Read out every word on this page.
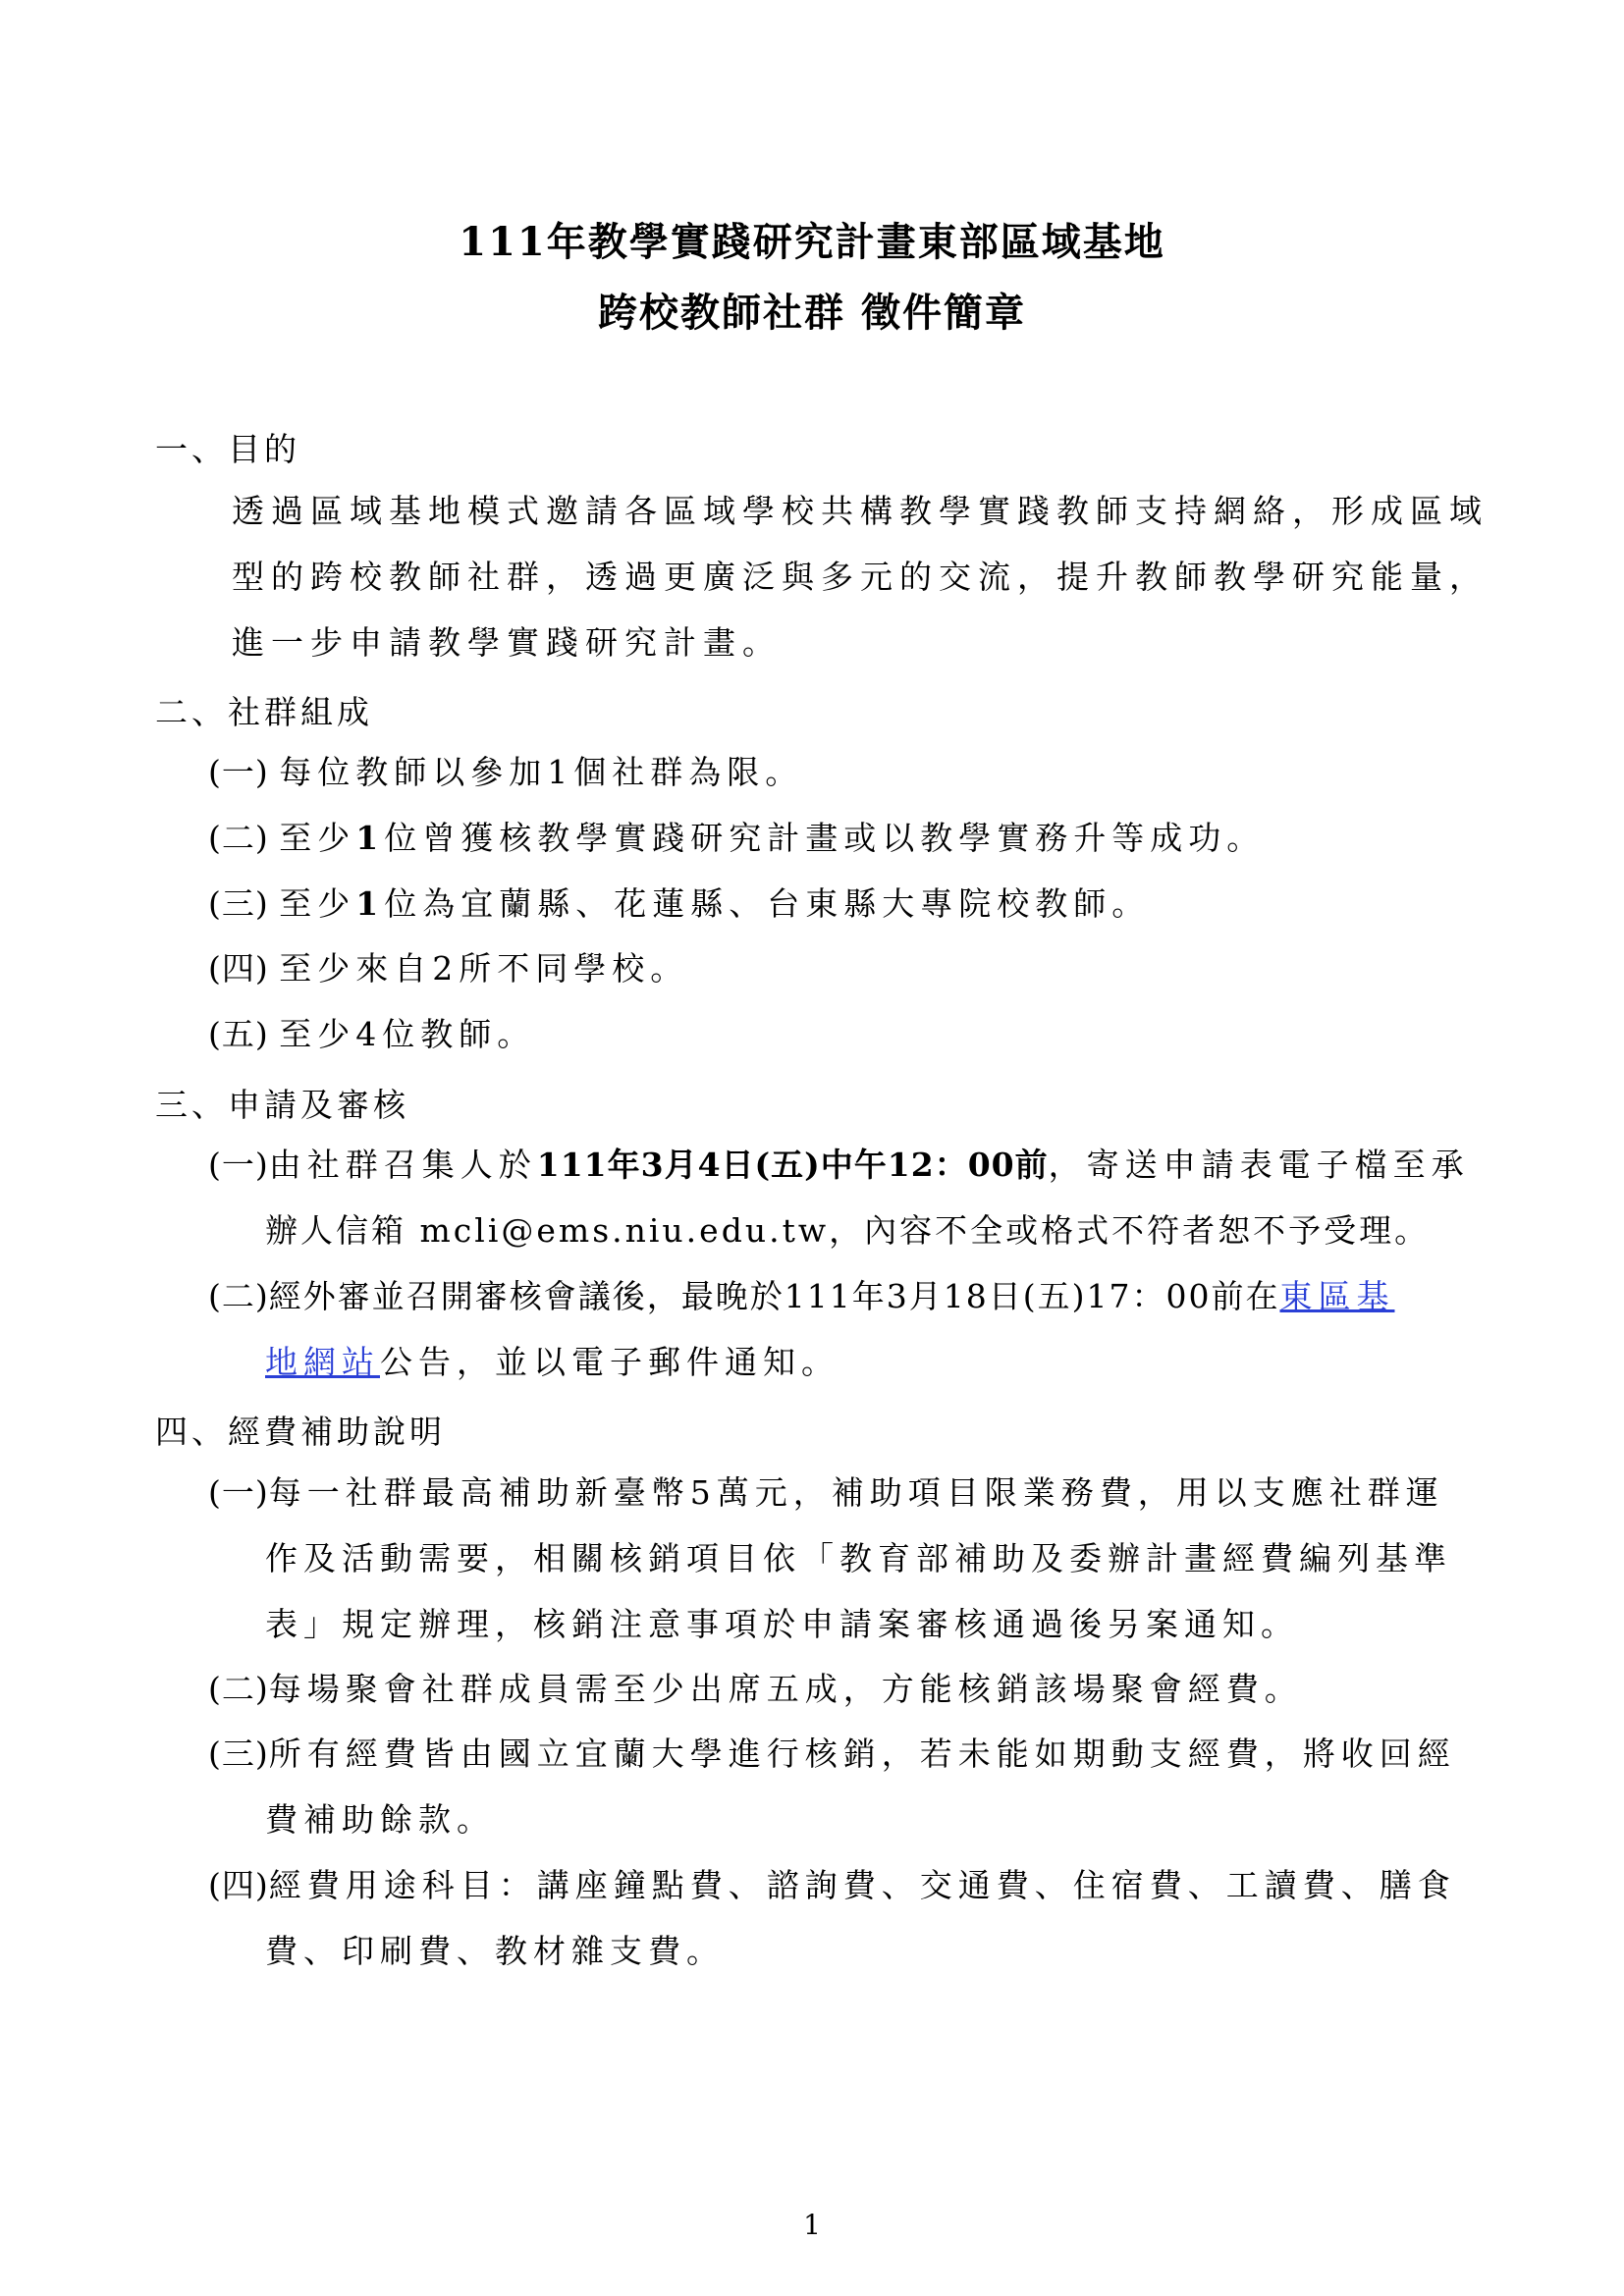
111年教學實踐研究計畫東部區域基地
跨校教師社群 徵件簡章
一、目的
透過區域基地模式邀請各區域學校共構教學實踐教師支持網絡，形成區域
型的跨校教師社群，透過更廣泛與多元的交流，提升教師教學研究能量，
進一步申請教學實踐研究計畫。
二、社群組成
(一) 每位教師以參加1個社群為限。
(二) 至少1位曾獲核教學實踐研究計畫或以教學實務升等成功。
(三) 至少1位為宜蘭縣、花蓮縣、台東縣大專院校教師。
(四) 至少來自2所不同學校。
(五) 至少4位教師。
三、申請及審核
(一)由社群召集人於111年3月4日(五)中午12：00前，寄送申請表電子檔至承
辦人信箱 mcli@ems.niu.edu.tw，內容不全或格式不符者恕不予受理。
(二)經外審並召開審核會議後，最晚於111年3月18日(五)17：00前在東區基
地網站公告，並以電子郵件通知。
四、經費補助說明
(一)每一社群最高補助新臺幣5萬元，補助項目限業務費，用以支應社群運
作及活動需要，相關核銷項目依「教育部補助及委辦計畫經費編列基準
表」規定辦理，核銷注意事項於申請案審核通過後另案通知。
(二)每場聚會社群成員需至少出席五成，方能核銷該場聚會經費。
(三)所有經費皆由國立宜蘭大學進行核銷，若未能如期動支經費，將收回經
費補助餘款。
(四)經費用途科目：講座鐘點費、諮詢費、交通費、住宿費、工讀費、膳食
費、印刷費、教材雜支費。
1
